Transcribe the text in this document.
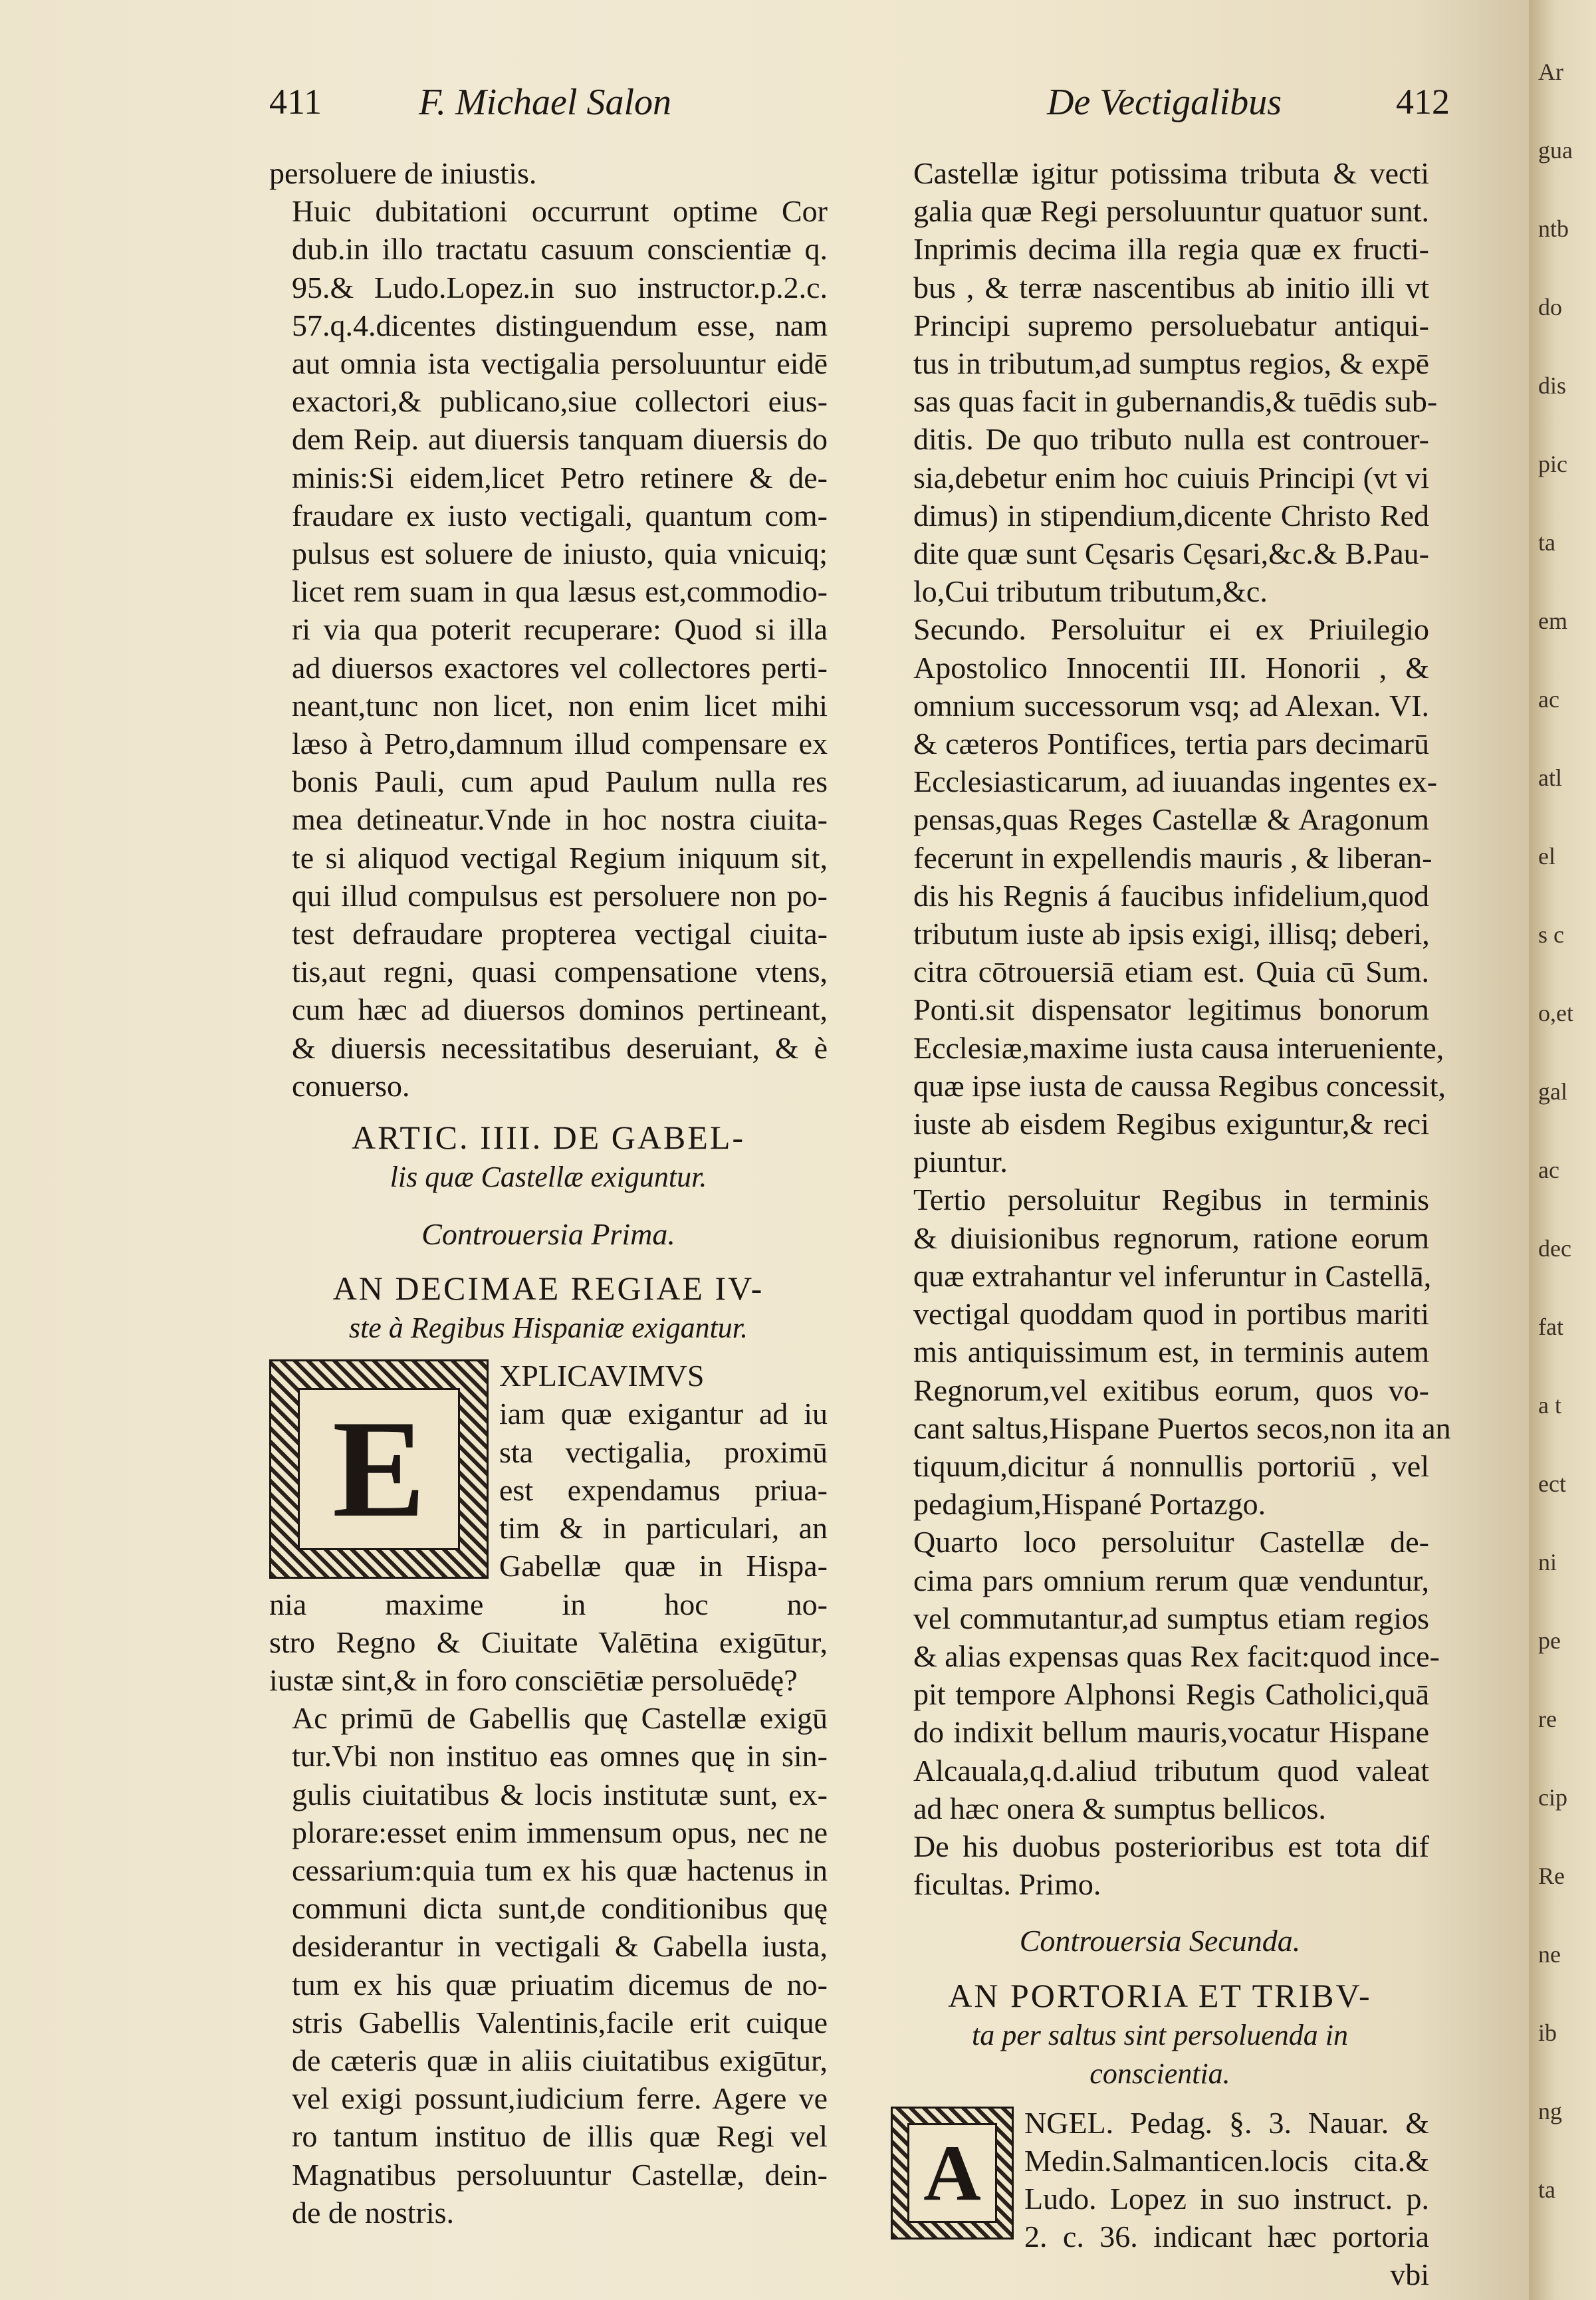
411	F. Michael Salon	De Vectigalibus	412

persoluere de iniustis.

Huic dubitationi occurrunt optime Cor
dub.in illo tractatu casuum conscientiæ q.
95.& Ludo.Lopez.in suo instructor.p.2.c.
57.q.4.dicentes distinguendum esse, nam
aut omnia ista vectigalia persoluuntur eidē
exactori,& publicano,siue collectori eius-
dem Reip. aut diuersis tanquam diuersis do
minis:Si eidem,licet Petro retinere & de-
fraudare ex iusto vectigali, quantum com-
pulsus est soluere de iniusto, quia vnicuiq;
licet rem suam in qua læsus est,commodio-
ri via qua poterit recuperare: Quod si illa
ad diuersos exactores vel collectores perti-
neant,tunc non licet, non enim licet mihi
læso à Petro,damnum illud compensare ex
bonis Pauli, cum apud Paulum nulla res
mea detineatur.Vnde in hoc nostra ciuita-
te si aliquod vectigal Regium iniquum sit,
qui illud compulsus est persoluere non po-
test defraudare propterea vectigal ciuita-
tis,aut regni, quasi compensatione vtens,
cum hæc ad diuersos dominos pertineant,
& diuersis necessitatibus deseruiant, & è
conuerso.

ARTIC. IIII. DE GABEL-
lis quæ Castellæ exiguntur.
Controuersia Prima.
AN DECIMAE REGIAE IV-
ste à Regibus Hispaniæ exigantur.
E

XPLICAVIMVS
iam quæ exigantur ad iu
sta vectigalia, proximū
est expendamus priua-
tim & in particulari, an
Gabellæ quæ in Hispa-
nia maxime in hoc no-

stro Regno & Ciuitate Valētina exigūtur,
iustæ sint,& in foro consciētiæ persoluēdę?

Ac primū de Gabellis quę Castellæ exigū
tur.Vbi non instituo eas omnes quę in sin-
gulis ciuitatibus & locis institutæ sunt, ex-
plorare:esset enim immensum opus, nec ne
cessarium:quia tum ex his quæ hactenus in
communi dicta sunt,de conditionibus quę
desiderantur in vectigali & Gabella iusta,
tum ex his quæ priuatim dicemus de no-
stris Gabellis Valentinis,facile erit cuique
de cæteris quæ in aliis ciuitatibus exigūtur,
vel exigi possunt,iudicium ferre. Agere ve
ro tantum instituo de illis quæ Regi vel
Magnatibus persoluuntur Castellæ, dein-
de de nostris.

Castellæ igitur potissima tributa & vecti
galia quæ Regi persoluuntur quatuor sunt.
Inprimis decima illa regia quæ ex fructi-
bus , & terræ nascentibus ab initio illi vt
Principi supremo persoluebatur antiqui-
tus in tributum,ad sumptus regios, & expē
sas quas facit in gubernandis,& tuēdis sub-
ditis. De quo tributo nulla est controuer-
sia,debetur enim hoc cuiuis Principi (vt vi
dimus) in stipendium,dicente Christo Red
dite quæ sunt Cęsaris Cęsari,&c.& B.Pau-
lo,Cui tributum tributum,&c.

Secundo. Persoluitur ei ex Priuilegio
Apostolico Innocentii III. Honorii , &
omnium successorum vsq; ad Alexan. VI.
& cæteros Pontifices, tertia pars decimarū
Ecclesiasticarum, ad iuuandas ingentes ex-
pensas,quas Reges Castellæ & Aragonum
fecerunt in expellendis mauris , & liberan-
dis his Regnis á faucibus infidelium,quod
tributum iuste ab ipsis exigi, illisq; deberi,
citra cōtrouersiā etiam est. Quia cū Sum.
Ponti.sit dispensator legitimus bonorum
Ecclesiæ,maxime iusta causa interueniente,
quæ ipse iusta de caussa Regibus concessit,
iuste ab eisdem Regibus exiguntur,& reci
piuntur.

Tertio persoluitur Regibus in terminis
& diuisionibus regnorum, ratione eorum
quæ extrahantur vel inferuntur in Castellā,
vectigal quoddam quod in portibus mariti
mis antiquissimum est, in terminis autem
Regnorum,vel exitibus eorum, quos vo-
cant saltus,Hispane Puertos secos,non ita an
tiquum,dicitur á nonnullis portoriū , vel
pedagium,Hispané Portazgo.

Quarto loco persoluitur Castellæ de-
cima pars omnium rerum quæ venduntur,
vel commutantur,ad sumptus etiam regios
& alias expensas quas Rex facit:quod ince-
pit tempore Alphonsi Regis Catholici,quā
do indixit bellum mauris,vocatur Hispane
Alcauala,q.d.aliud tributum quod valeat
ad hæc onera & sumptus bellicos.

De his duobus posterioribus est tota dif
ficultas. Primo.

Controuersia Secunda.
AN PORTORIA ET TRIBV-
ta per saltus sint persoluenda in
conscientia.
A

NGEL. Pedag. §. 3. Nauar. &
Medin.Salmanticen.locis cita.&
Ludo. Lopez in suo instruct. p.
2. c. 36. indicant hæc portoria

vbi
Ar
gua
ntb
do
dis
pic
ta
em
ac
atl
el
s c
o,et
gal
ac
dec
fat
a t
ect
ni
pe
re
cip
Re
ne
ib
ng
ta
